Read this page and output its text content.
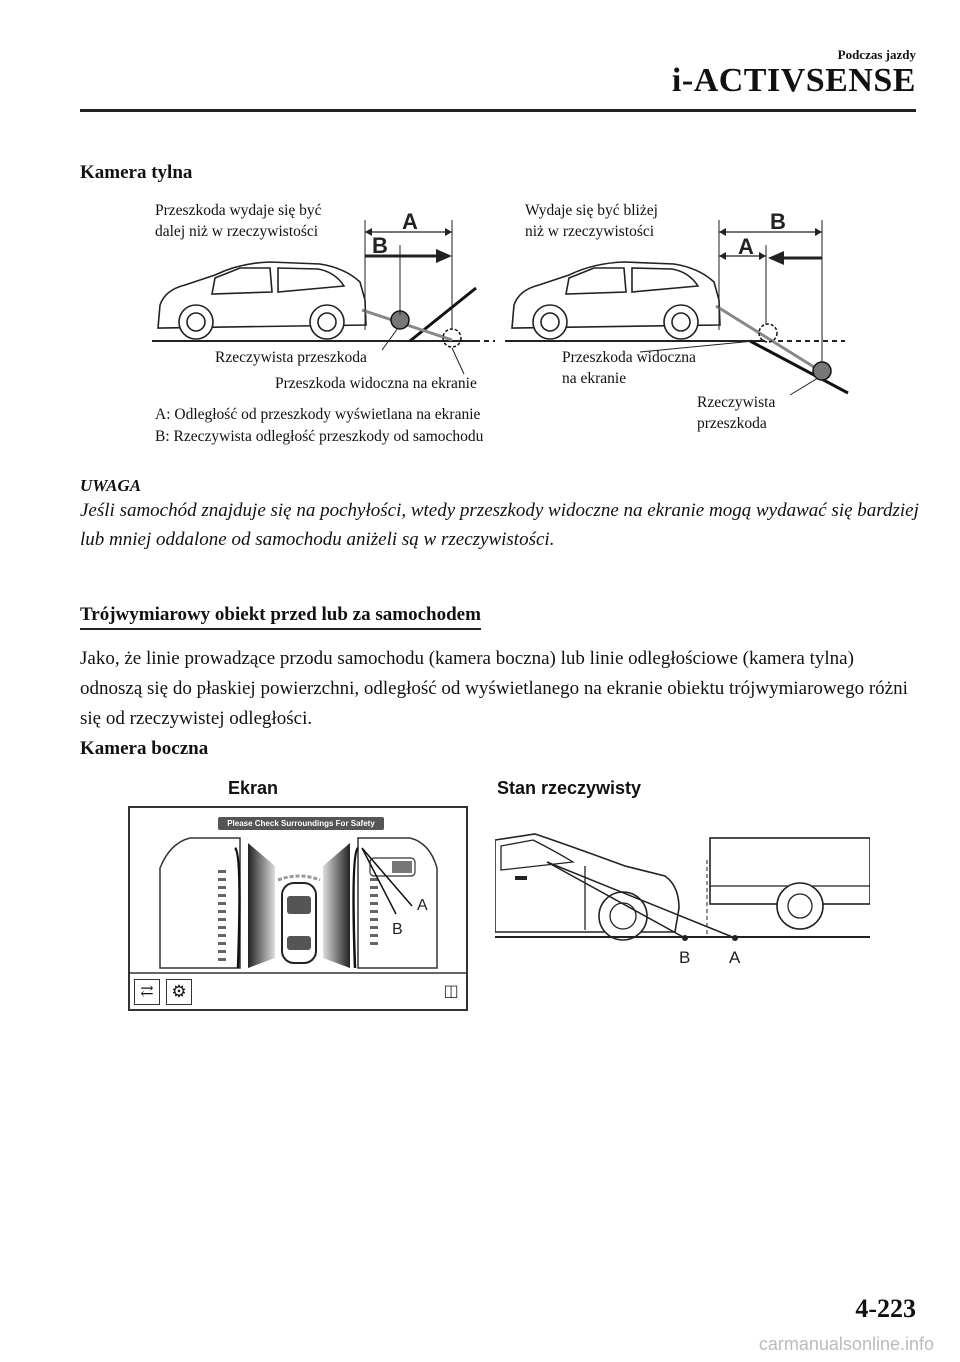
Podczas jazdy
i-ACTIVSENSE
Kamera tylna
Przeszkoda wydaje się być
dalej niż w rzeczywistości
Wydaje się być bliżej
niż w rzeczywistości
A
B
B
A
Rzeczywista przeszkoda
Przeszkoda widoczna na ekranie
Przeszkoda widoczna
na ekranie
Rzeczywista
przeszkoda
A: Odległość od przeszkody wyświetlana na ekranie
B: Rzeczywista odległość przeszkody od samochodu
UWAGA
Jeśli samochód znajduje się na pochyłości, wtedy przeszkody widoczne na ekranie mogą wydawać się bardziej lub mniej oddalone od samochodu aniżeli są w rzeczywistości.
Trójwymiarowy obiekt przed lub za samochodem
Jako, że linie prowadzące przodu samochodu (kamera boczna) lub linie odległościowe (kamera tylna) odnoszą się do płaskiej powierzchni, odległość od wyświetlanego na ekranie obiektu trójwymiarowego różni się od rzeczywistej odległości.
Kamera boczna
Ekran	Stan rzeczywisty
Please Check Surroundings For Safety
A
B
⇄	⚙	◫
B A
4-223
carmanualsonline.info
